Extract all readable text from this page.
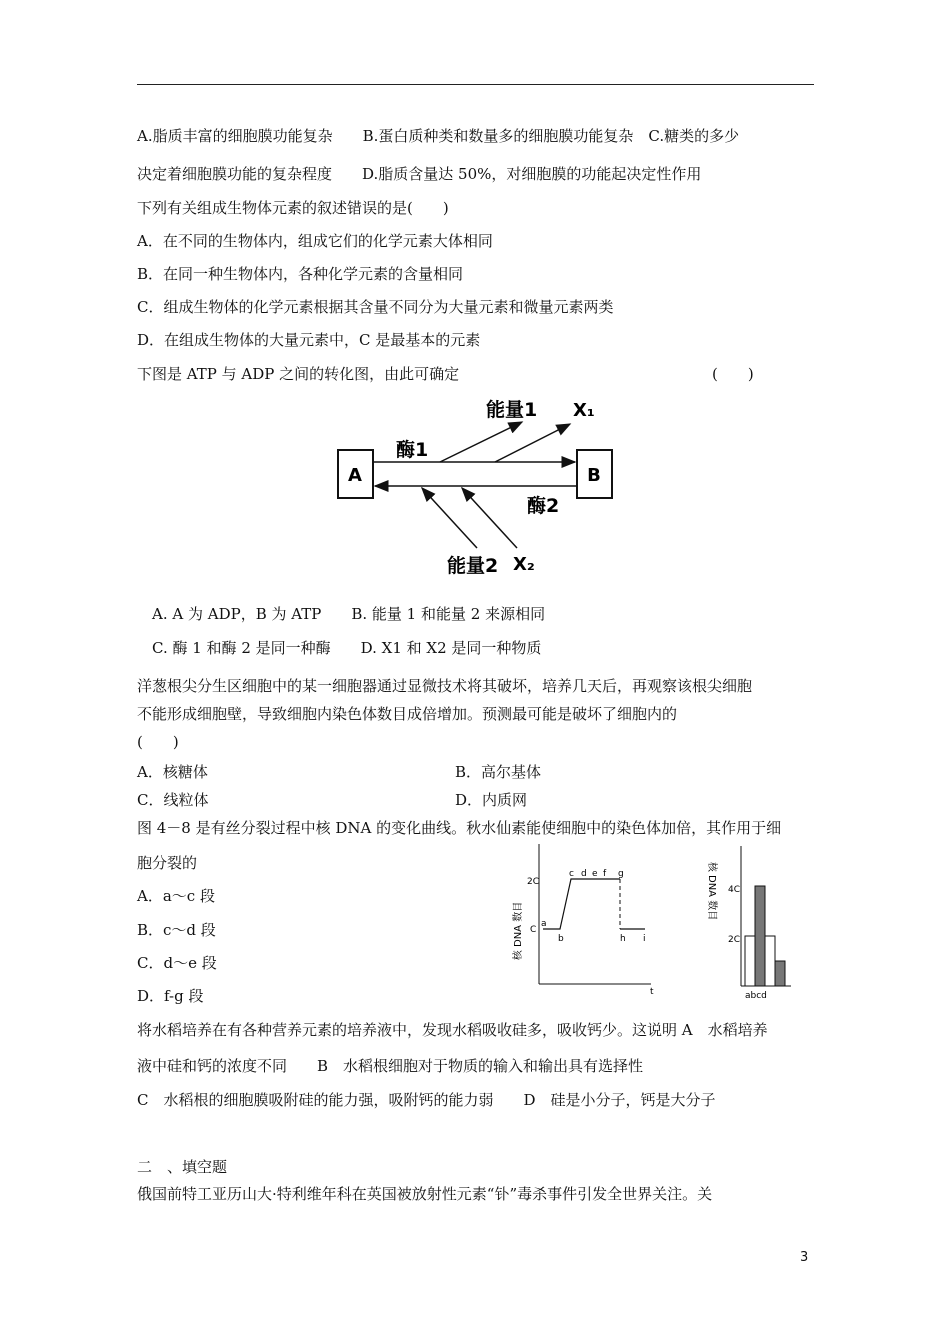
A.脂质丰富的细胞膜功能复杂　　B.蛋白质种类和数量多的细胞膜功能复杂　C.糖类的多少
决定着细胞膜功能的复杂程度　　D.脂质含量达 50%，对细胞膜的功能起决定性作用
下列有关组成生物体元素的叙述错误的是(　　)
A．在不同的生物体内，组成它们的化学元素大体相同
B．在同一种生物体内，各种化学元素的含量相同
C．组成生物体的化学元素根据其含量不同分为大量元素和微量元素两类
D．在组成生物体的大量元素中，C 是最基本的元素
下图是 ATP 与 ADP 之间的转化图，由此可确定	(　　)
A	B
酶1
酶2
能量1 X₁
能量2 X₂
A. A 为 ADP，B 为 ATP　　B. 能量 1 和能量 2 来源相同
C. 酶 1 和酶 2 是同一种酶　　D. X1 和 X2 是同一种物质
洋葱根尖分生区细胞中的某一细胞器通过显微技术将其破坏，培养几天后，再观察该根尖细胞
不能形成细胞壁，导致细胞内染色体数目成倍增加。预测最可能是破坏了细胞内的
(　　)
A．核糖体	B．高尔基体
C．线粒体	D．内质网
图 4－8 是有丝分裂过程中核 DNA 的变化曲线。秋水仙素能使细胞中的染色体加倍，其作用于细
胞分裂的
A．a～c 段
B．c～d 段
C．d～e 段
D．f-g 段
核 DNA 数目
t
2C
C
a
b
c d e f g
h i
核 DNA 数目 4C
2C
abcd
将水稻培养在有各种营养元素的培养液中，发现水稻吸收硅多，吸收钙少。这说明 A　水稻培养
液中硅和钙的浓度不同　　B　水稻根细胞对于物质的输入和输出具有选择性
C　水稻根的细胞膜吸附硅的能力强，吸附钙的能力弱　　D　硅是小分子，钙是大分子
二　、填空题
俄国前特工亚历山大·特利维年科在英国被放射性元素“钋”毒杀事件引发全世界关注。关
3
